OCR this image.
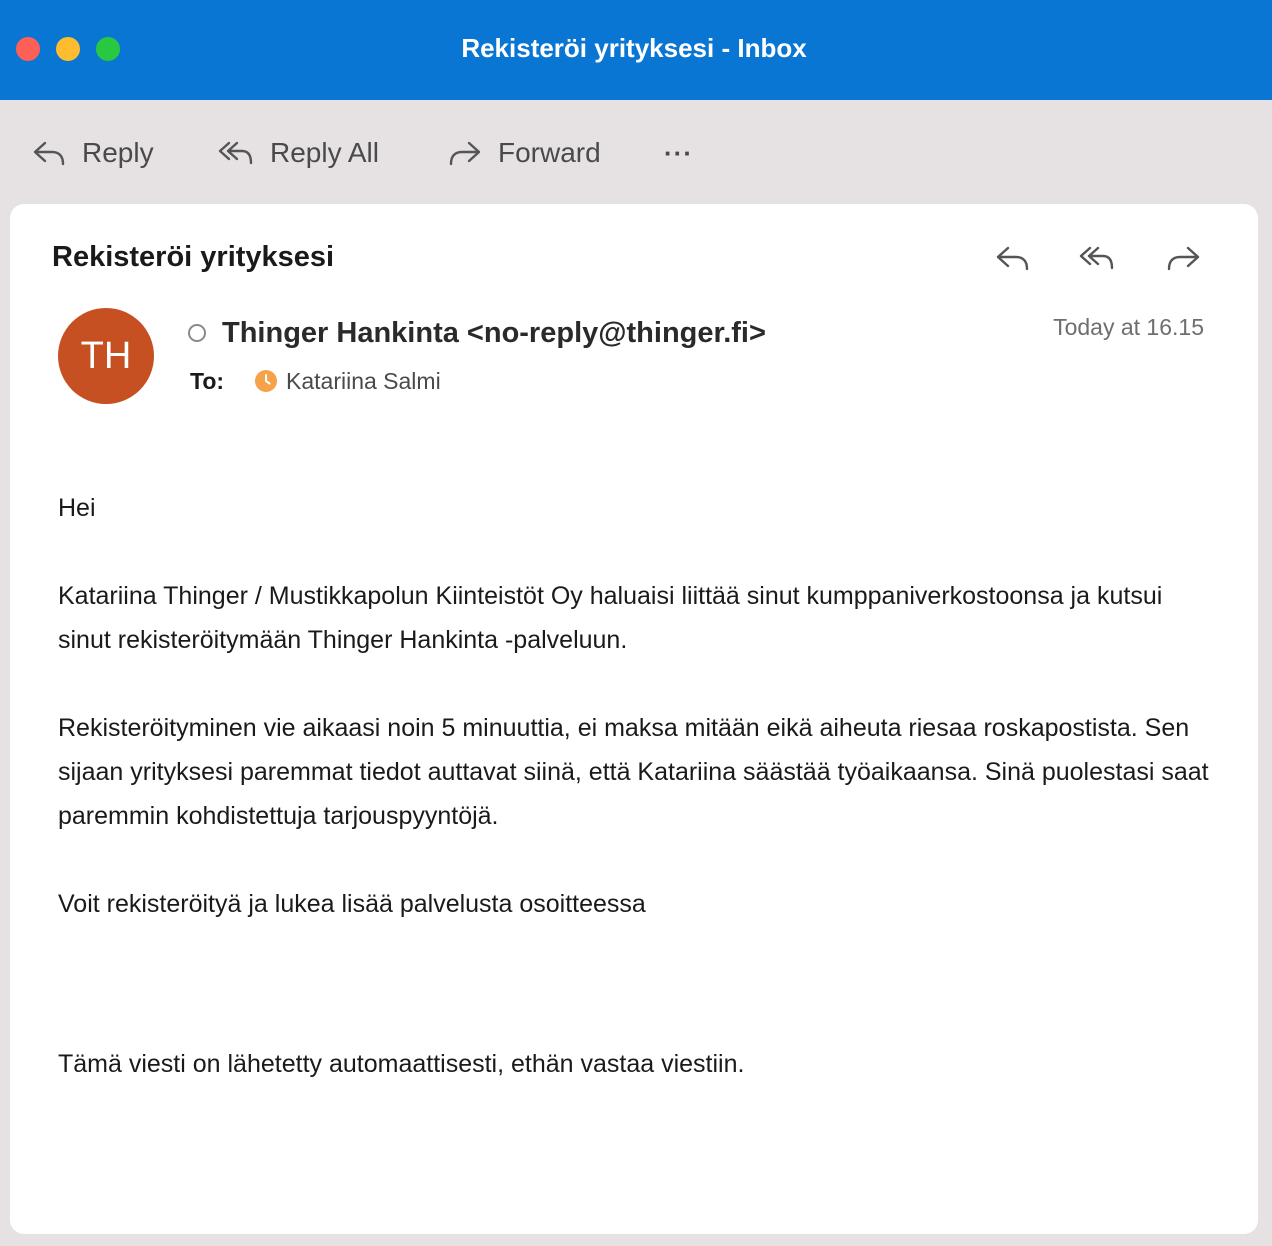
Rekisteröi yrityksesi - Inbox
Reply	Reply All	Forward ···
Rekisteröi yrityksesi
TH
Thinger Hankinta <no-reply@thinger.fi>
To:	Katariina Salmi
Today at 16.15
Hei
Katariina Thinger / Mustikkapolun Kiinteistöt Oy haluaisi liittää sinut kumppaniverkostoonsa ja kutsui sinut rekisteröitymään Thinger Hankinta -palveluun.
Rekisteröityminen vie aikaasi noin 5 minuuttia, ei maksa mitään eikä aiheuta riesaa roskapostista. Sen sijaan yrityksesi paremmat tiedot auttavat siinä, että Katariina säästää työaikaansa. Sinä puolestasi saat paremmin kohdistettuja tarjouspyyntöjä.
Voit rekisteröityä ja lukea lisää palvelusta osoitteessa
Tämä viesti on lähetetty automaattisesti, ethän vastaa viestiin.
